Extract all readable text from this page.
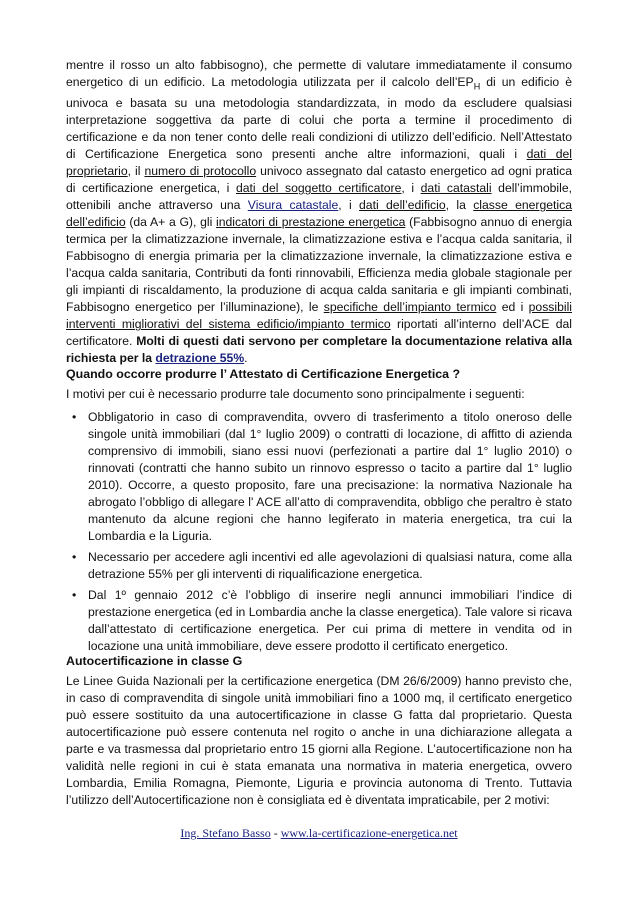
mentre il rosso un alto fabbisogno), che permette di valutare immediatamente il consumo energetico di un edificio. La metodologia utilizzata per il calcolo $dell’EP_H$ di un edificio è univoca e basata su una metodologia standardizzata, in modo da escludere qualsiasi interpretazione soggettiva da parte di colui che porta a termine il procedimento di certificazione e da non tener conto delle reali condizioni di utilizzo dell’edificio. Nell’Attestato di Certificazione Energetica sono presenti anche altre informazioni, quali i dati del proprietario, il numero di protocollo univoco assegnato dal catasto energetico ad ogni pratica di certificazione energetica, i dati del soggetto certificatore, i dati catastali dell’immobile, ottenibili anche attraverso una Visura catastale, i dati dell’edificio, la classe energetica dell’edificio (da A+ a G), gli indicatori di prestazione energetica (Fabbisogno annuo di energia termica per la climatizzazione invernale, la climatizzazione estiva e l’acqua calda sanitaria, il Fabbisogno di energia primaria per la climatizzazione invernale, la climatizzazione estiva e l’acqua calda sanitaria, Contributi da fonti rinnovabili, Efficienza media globale stagionale per gli impianti di riscaldamento, la produzione di acqua calda sanitaria e gli impianti combinati, Fabbisogno energetico per l’illuminazione), le specifiche dell’impianto termico ed i possibili interventi migliorativi del sistema edificio/impianto termico riportati all’interno dell’ACE dal certificatore. Molti di questi dati servono per completare la documentazione relativa alla richiesta per la detrazione 55%.

Quando occorre produrre l’ Attestato di Certificazione Energetica ?

I motivi per cui è necessario produrre tale documento sono principalmente i seguenti:

• Obbligatorio in caso di compravendita, ovvero di trasferimento a titolo oneroso delle singole unità immobiliari (dal 1° luglio 2009) o contratti di locazione, di affitto di azienda comprensivo di immobili, siano essi nuovi (perfezionati a partire dal 1° luglio 2010) o rinnovati (contratti che hanno subito un rinnovo espresso o tacito a partire dal 1° luglio 2010). Occorre, a questo proposito, fare una precisazione: la normativa Nazionale ha abrogato l’obbligo di allegare l' ACE all’atto di compravendita, obbligo che peraltro è stato mantenuto da alcune regioni che hanno legiferato in materia energetica, tra cui la Lombardia e la Liguria.
• Necessario per accedere agli incentivi ed alle agevolazioni di qualsiasi natura, come alla detrazione 55% per gli interventi di riqualificazione energetica.
• Dal 1º gennaio 2012 c’è l’obbligo di inserire negli annunci immobiliari l’indice di prestazione energetica (ed in Lombardia anche la classe energetica). Tale valore si ricava dall’attestato di certificazione energetica. Per cui prima di mettere in vendita od in locazione una unità immobiliare, deve essere prodotto il certificato energetico.
Autocertificazione in classe G

Le Linee Guida Nazionali per la certificazione energetica (DM 26/6/2009) hanno previsto che, in caso di compravendita di singole unità immobiliari fino a 1000 mq, il certificato energetico può essere sostituito da una autocertificazione in classe G fatta dal proprietario. Questa autocertificazione può essere contenuta nel rogito o anche in una dichiarazione allegata a parte e va trasmessa dal proprietario entro 15 giorni alla Regione. L’autocertificazione non ha validità nelle regioni in cui è stata emanata una normativa in materia energetica, ovvero Lombardia, Emilia Romagna, Piemonte, Liguria e provincia autonoma di Trento. Tuttavia l’utilizzo dell’Autocertificazione non è consigliata ed è diventata impraticabile, per 2 motivi:

Ing. Stefano Basso - www.la-certificazione-energetica.net
